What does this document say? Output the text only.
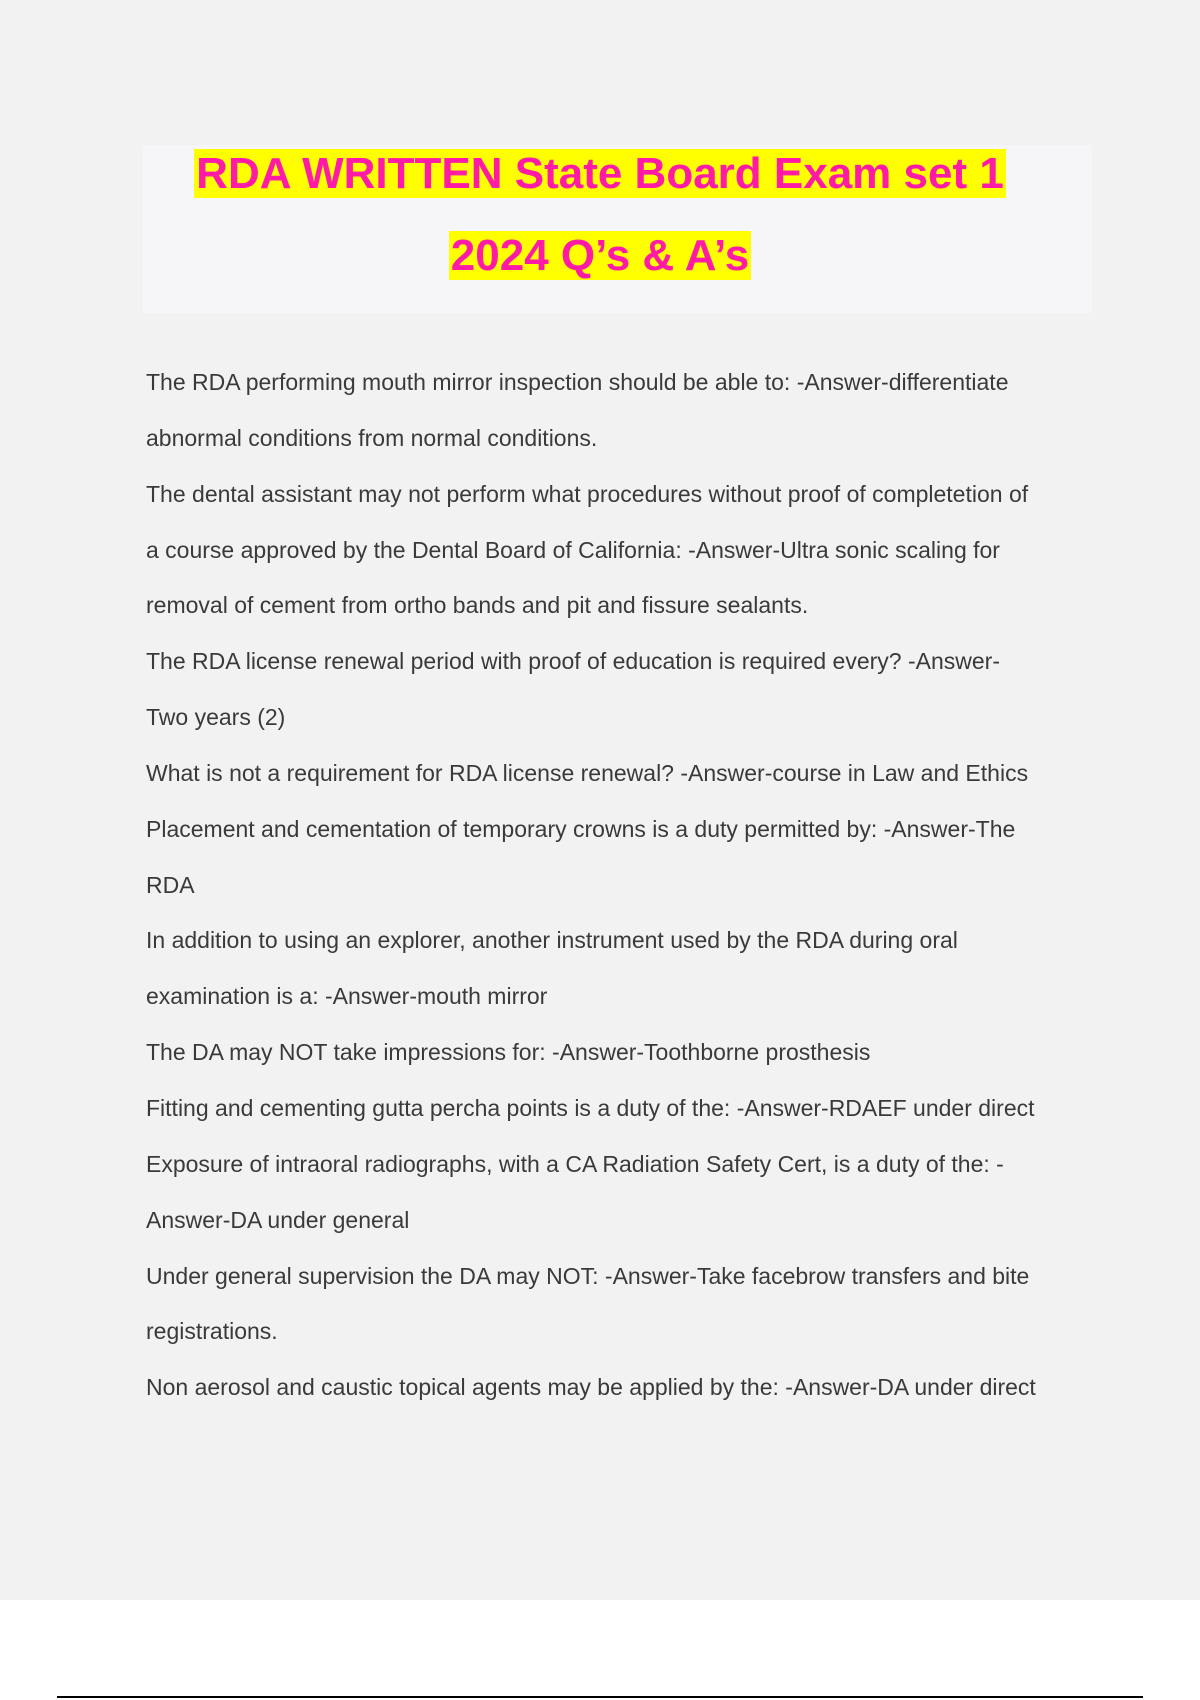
RDA WRITTEN State Board Exam set 1
2024 Q’s & A’s
The RDA performing mouth mirror inspection should be able to: -Answer-differentiate
abnormal conditions from normal conditions.
The dental assistant may not perform what procedures without proof of completetion of
a course approved by the Dental Board of California: -Answer-Ultra sonic scaling for
removal of cement from ortho bands and pit and fissure sealants.
The RDA license renewal period with proof of education is required every? -Answer-
Two years (2)
What is not a requirement for RDA license renewal? -Answer-course in Law and Ethics
Placement and cementation of temporary crowns is a duty permitted by: -Answer-The
RDA
In addition to using an explorer, another instrument used by the RDA during oral
examination is a: -Answer-mouth mirror
The DA may NOT take impressions for: -Answer-Toothborne prosthesis
Fitting and cementing gutta percha points is a duty of the: -Answer-RDAEF under direct
Exposure of intraoral radiographs, with a CA Radiation Safety Cert, is a duty of the: -
Answer-DA under general
Under general supervision the DA may NOT: -Answer-Take facebrow transfers and bite
registrations.
Non aerosol and caustic topical agents may be applied by the: -Answer-DA under direct
